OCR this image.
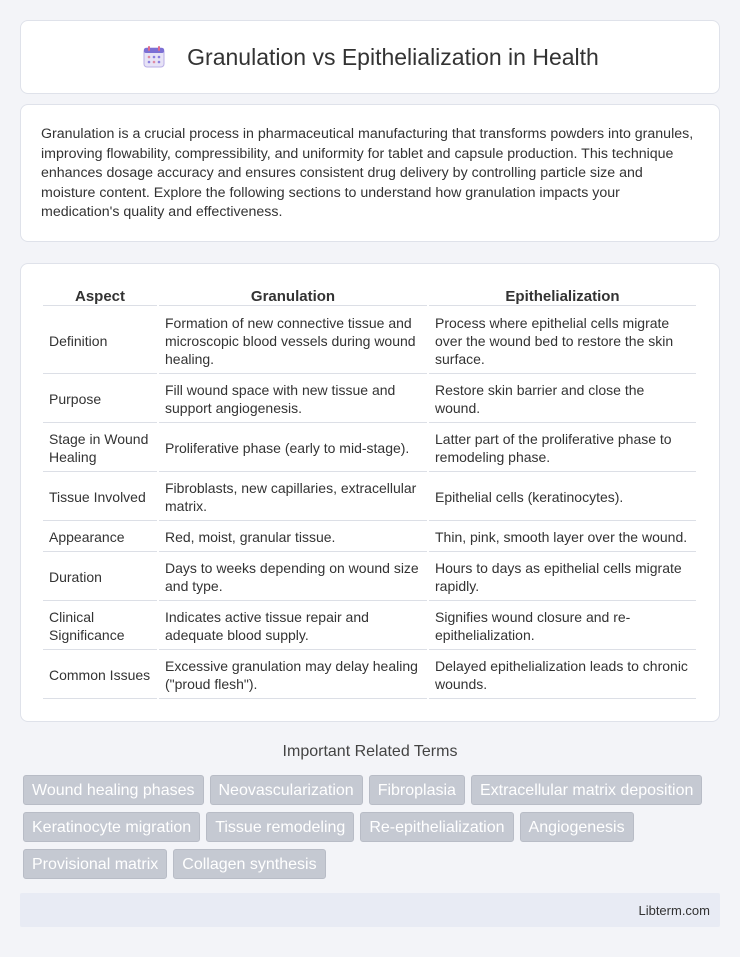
Granulation vs Epithelialization in Health

Granulation is a crucial process in pharmaceutical manufacturing that transforms powders into granules, improving flowability, compressibility, and uniformity for tablet and capsule production. This technique enhances dosage accuracy and ensures consistent drug delivery by controlling particle size and moisture content. Explore the following sections to understand how granulation impacts your medication's quality and effectiveness.

Aspect	Granulation	Epithelialization
Definition	Formation of new connective tissue and microscopic blood vessels during wound healing.	Process where epithelial cells migrate over the wound bed to restore the skin surface.
Purpose	Fill wound space with new tissue and support angiogenesis.	Restore skin barrier and close the wound.
Stage in Wound Healing	Proliferative phase (early to mid-stage).	Latter part of the proliferative phase to remodeling phase.
Tissue Involved	Fibroblasts, new capillaries, extracellular matrix.	Epithelial cells (keratinocytes).
Appearance	Red, moist, granular tissue.	Thin, pink, smooth layer over the wound.
Duration	Days to weeks depending on wound size and type.	Hours to days as epithelial cells migrate rapidly.
Clinical Significance	Indicates active tissue repair and adequate blood supply.	Signifies wound closure and re-epithelialization.
Common Issues	Excessive granulation may delay healing ("proud flesh").	Delayed epithelialization leads to chronic wounds.
Important Related Terms
Wound healing phases	Neovascularization	Fibroplasia	Extracellular matrix deposition
Keratinocyte migration	Tissue remodeling	Re-epithelialization	Angiogenesis
Provisional matrix	Collagen synthesis
Libterm.com
